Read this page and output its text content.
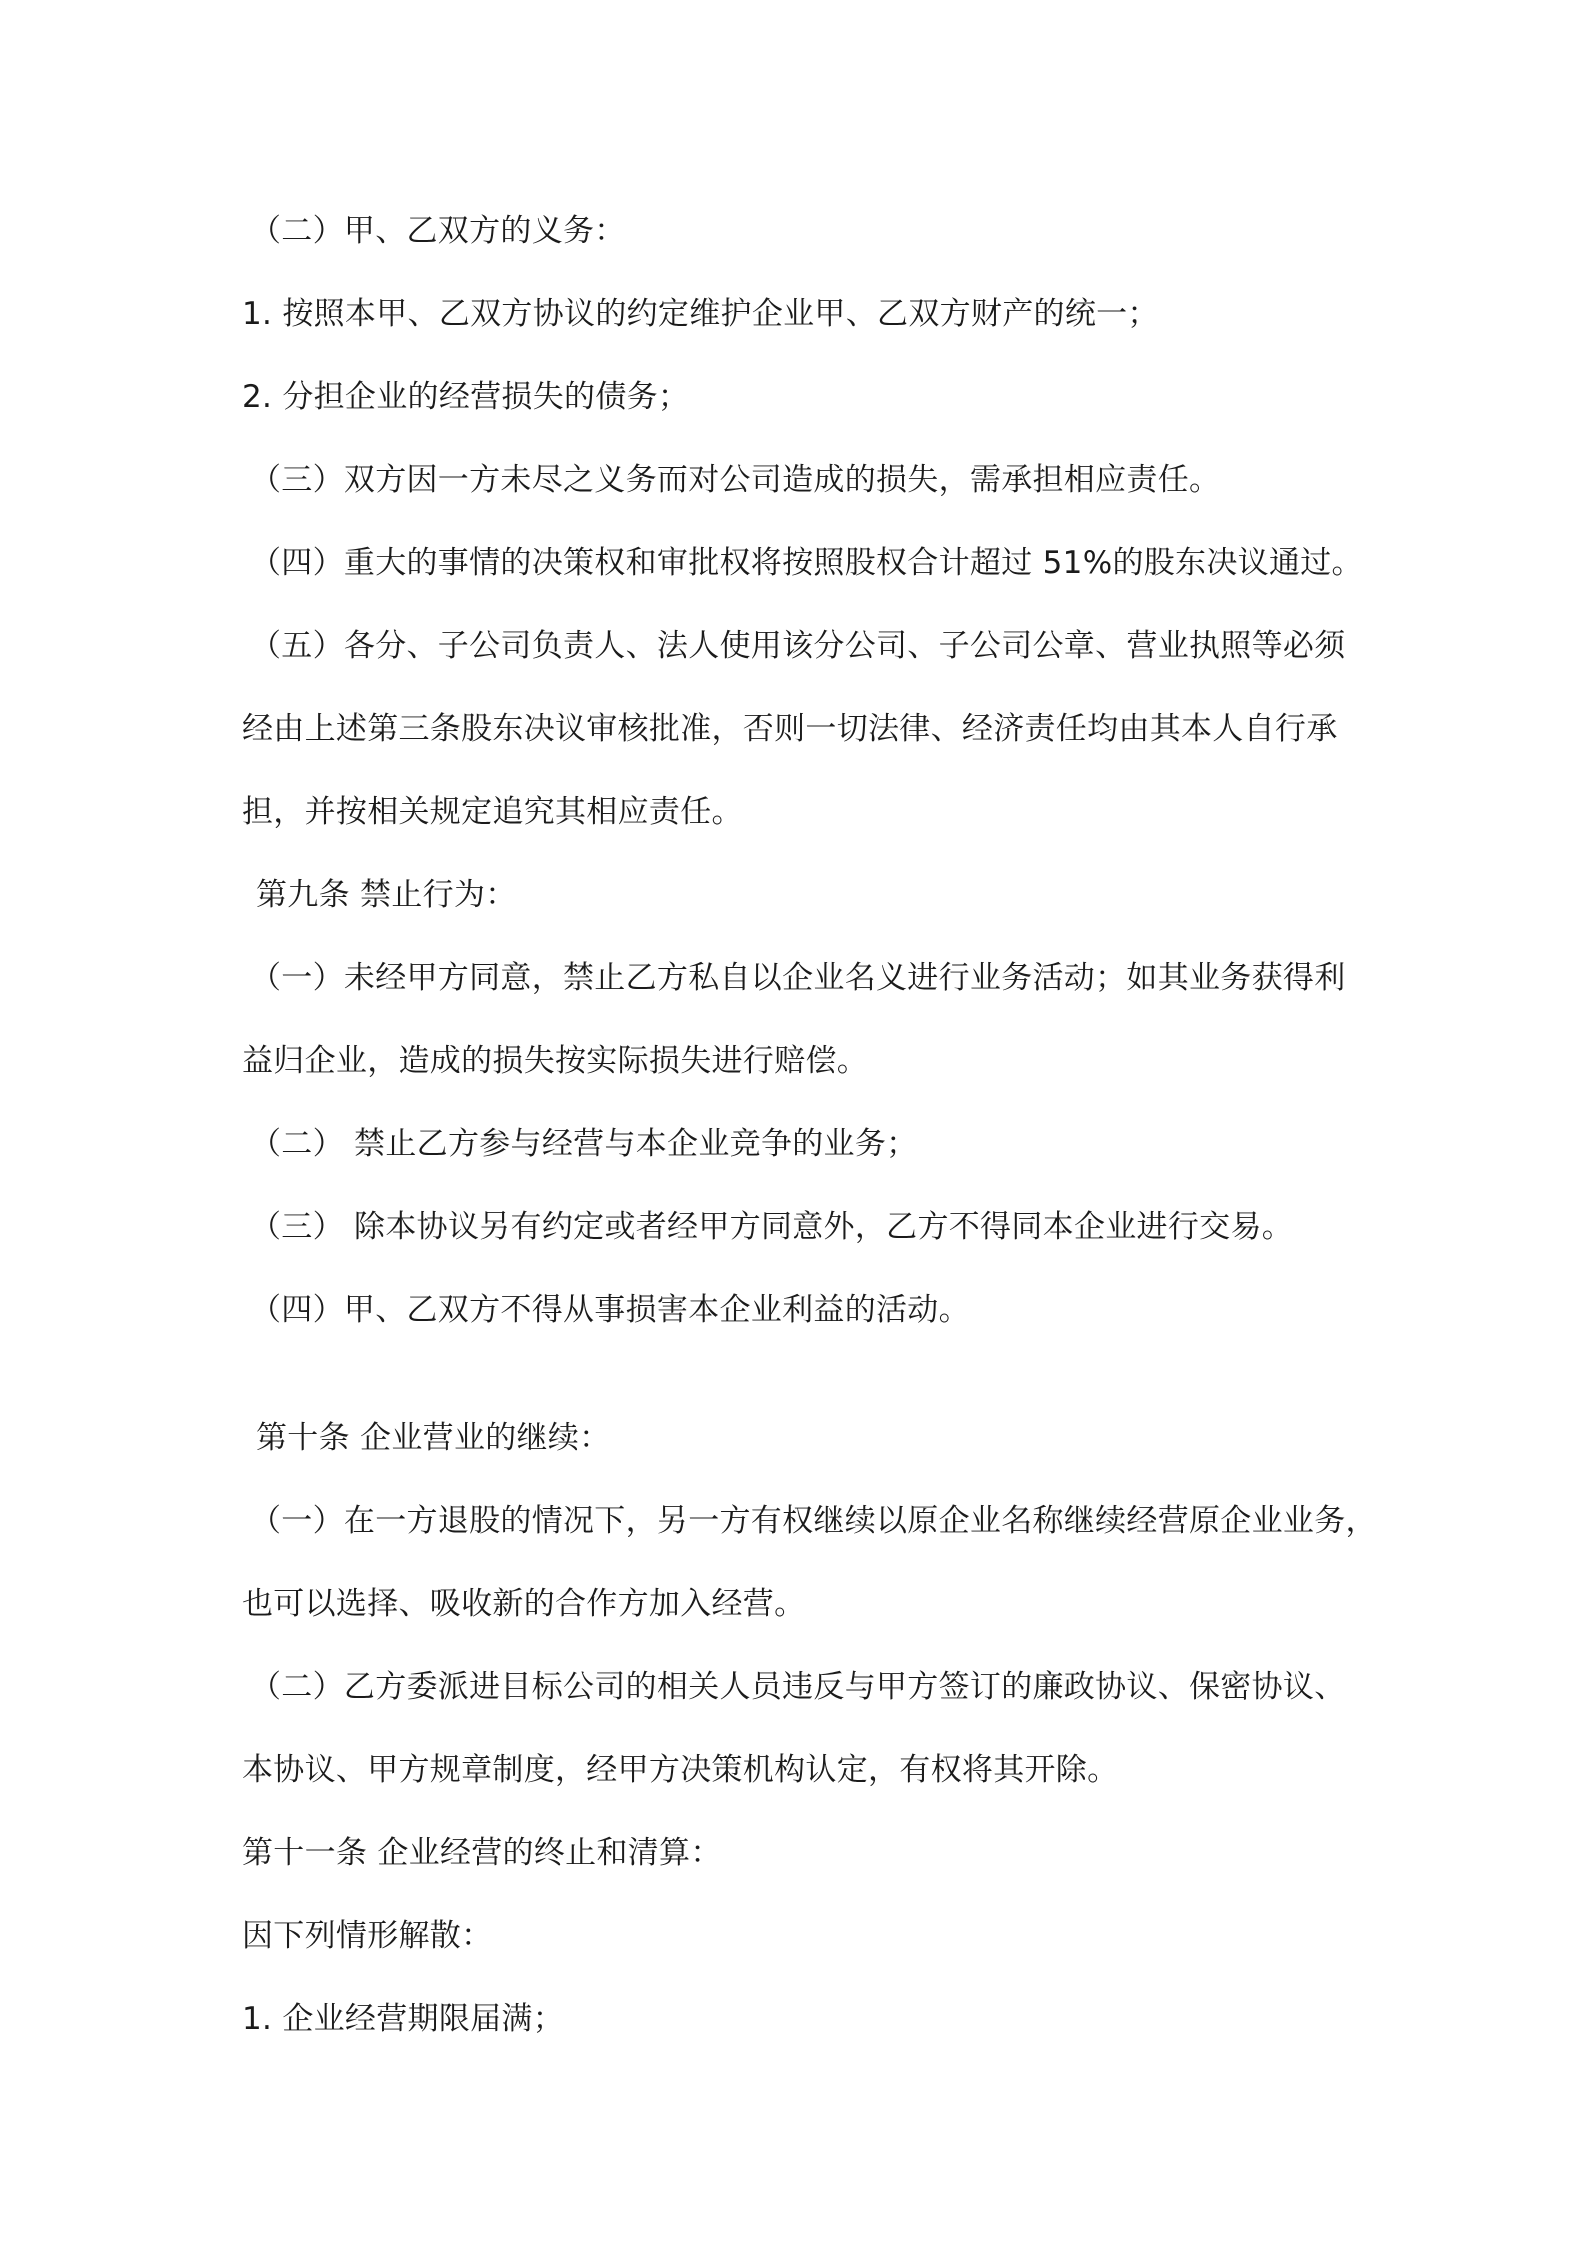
（二）甲、乙双方的义务：
1. 按照本甲、乙双方协议的约定维护企业甲、乙双方财产的统一；
2. 分担企业的经营损失的债务；
（三）双方因一方未尽之义务而对公司造成的损失，需承担相应责任。
（四）重大的事情的决策权和审批权将按照股权合计超过 51%的股东决议通过。
（五）各分、子公司负责人、法人使用该分公司、子公司公章、营业执照等必须
经由上述第三条股东决议审核批准，否则一切法律、经济责任均由其本人自行承
担，并按相关规定追究其相应责任。
第九条 禁止行为：
（一）未经甲方同意，禁止乙方私自以企业名义进行业务活动；如其业务获得利
益归企业，造成的损失按实际损失进行赔偿。
（二） 禁止乙方参与经营与本企业竞争的业务；
（三） 除本协议另有约定或者经甲方同意外，乙方不得同本企业进行交易。
（四）甲、乙双方不得从事损害本企业利益的活动。
第十条 企业营业的继续：
（一）在一方退股的情况下，另一方有权继续以原企业名称继续经营原企业业务，
也可以选择、吸收新的合作方加入经营。
（二）乙方委派进目标公司的相关人员违反与甲方签订的廉政协议、保密协议、
本协议、甲方规章制度，经甲方决策机构认定，有权将其开除。
第十一条 企业经营的终止和清算：
因下列情形解散：
1. 企业经营期限届满；
